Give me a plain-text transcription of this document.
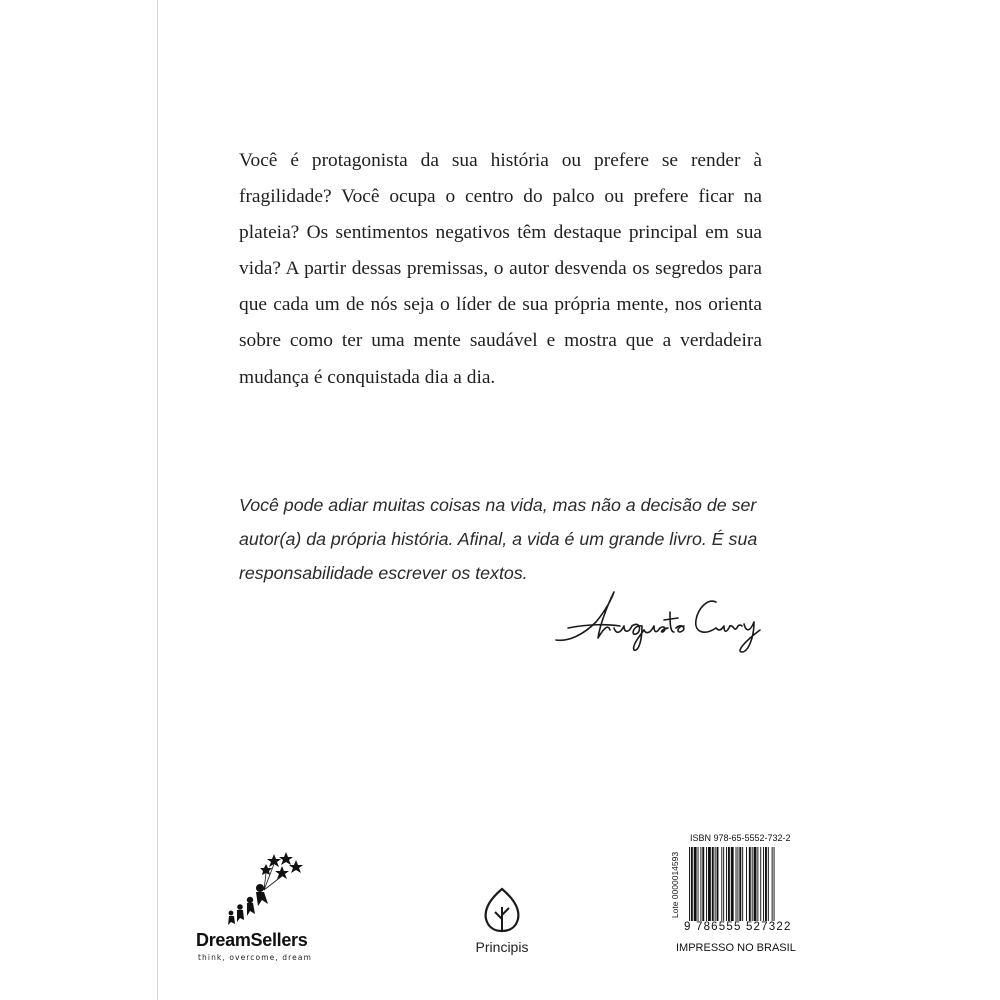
Você é protagonista da sua história ou prefere se render à fragilidade? Você ocupa o centro do palco ou prefere ficar na plateia? Os sentimentos negativos têm destaque principal em sua vida? A partir dessas premissas, o autor desvenda os segredos para que cada um de nós seja o líder de sua própria mente, nos orienta sobre como ter uma mente saudável e mostra que a verdadeira mudança é conquistada dia a dia.

Você pode adiar muitas coisas na vida, mas não a decisão de ser autor(a) da própria história. Afinal, a vida é um grande livro. É sua responsabilidade escrever os textos.

DreamSellers
think, overcome, dream
Principis
ISBN 978-65-5552-732-2
Lote 0000014593
9 786555 527322
IMPRESSO NO BRASIL
